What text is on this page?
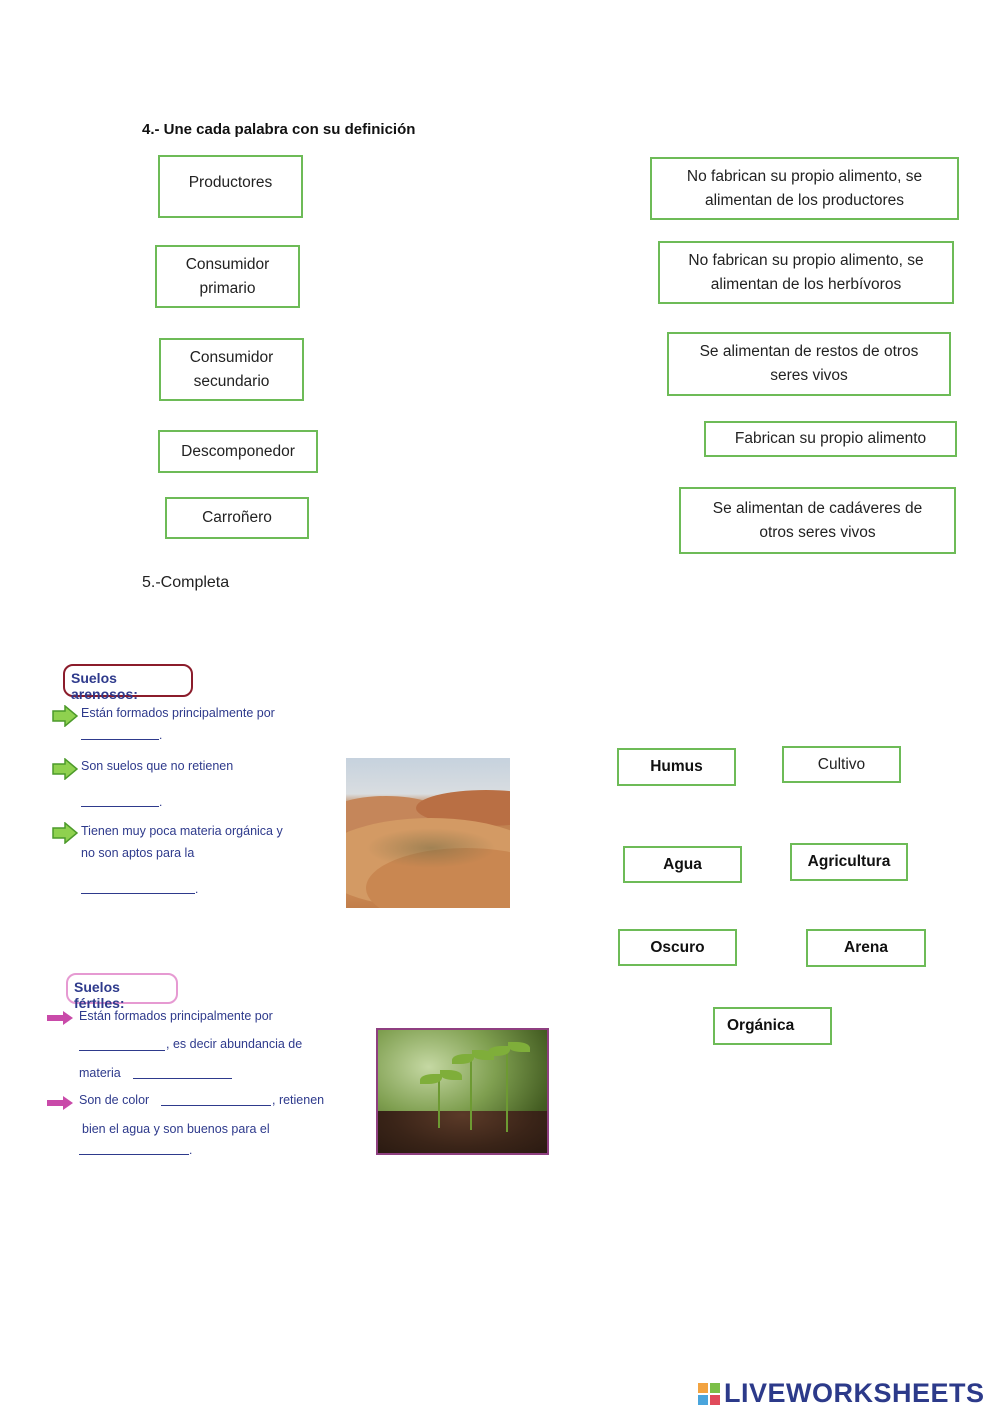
4.- Une cada palabra con su definición
Productores
Consumidor primario
Consumidor secundario
Descomponedor
Carroñero
No fabrican su propio alimento, se alimentan de los productores
No fabrican su propio alimento, se alimentan de los herbívoros
Se alimentan de restos de otros seres vivos
Fabrican su propio alimento
Se alimentan de cadáveres de otros seres vivos
5.-Completa
Suelos arenosos:
Están formados principalmente por
.
Son suelos que no retienen
.
Tienen muy poca materia orgánica y
no son aptos para la
.
Suelos fértiles:
Están formados principalmente por
, es decir abundancia de
materia
Son de color	, retienen
bien el agua y son buenos para el
.
Humus	Cultivo
Agua	Agricultura
Oscuro	Arena
Orgánica
LIVEWORKSHEETS
